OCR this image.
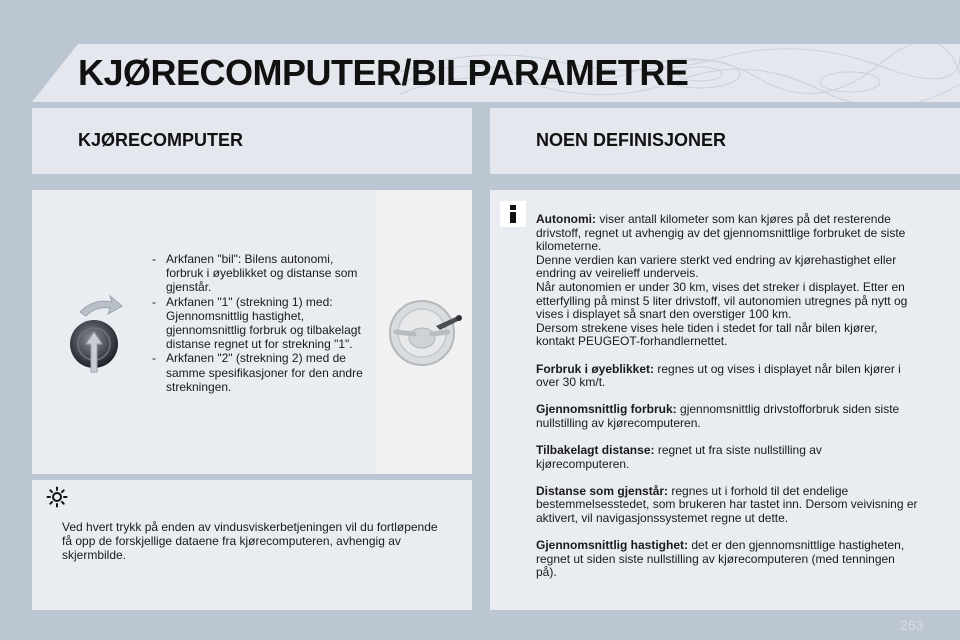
KJØRECOMPUTER/BILPARAMETRE
KJØRECOMPUTER	NOEN DEFINISJONER
- Arkfanen "bil": Bilens autonomi, forbruk i øyeblikket og distanse som gjenstår.
- Arkfanen "1" (strekning 1) med: Gjennomsnittlig hastighet, gjennomsnittlig forbruk og tilbakelagt distanse regnet ut for strekning "1".
- Arkfanen "2" (strekning 2) med de samme spesifikasjoner for den andre strekningen.
Ved hvert trykk på enden av vindusviskerbetjeningen vil du fortløpende få opp de forskjellige dataene fra kjørecomputeren, avhengig av skjermbilde.

Autonomi: viser antall kilometer som kan kjøres på det resterende drivstoff, regnet ut avhengig av det gjennomsnittlige forbruket de siste kilometerne.
Denne verdien kan variere sterkt ved endring av kjørehastighet eller endring av veirelieff underveis.
Når autonomien er under 30 km, vises det streker i displayet. Etter en etterfylling på minst 5 liter drivstoff, vil autonomien utregnes på nytt og vises i displayet så snart den overstiger 100 km.
Dersom strekene vises hele tiden i stedet for tall når bilen kjører, kontakt PEUGEOT-forhandlernettet.

Forbruk i øyeblikket: regnes ut og vises i displayet når bilen kjører i over 30 km/t.

Gjennomsnittlig forbruk: gjennomsnittlig drivstofforbruk siden siste nullstilling av kjørecomputeren.

Tilbakelagt distanse: regnet ut fra siste nullstilling av kjørecomputeren.

Distanse som gjenstår: regnes ut i forhold til det endelige bestemmelsesstedet, som brukeren har tastet inn. Dersom veivisning er aktivert, vil navigasjonssystemet regne ut dette.

Gjennomsnittlig hastighet: det er den gjennomsnittlige hastigheten, regnet ut siden siste nullstilling av kjørecomputeren (med tenningen på).

263
